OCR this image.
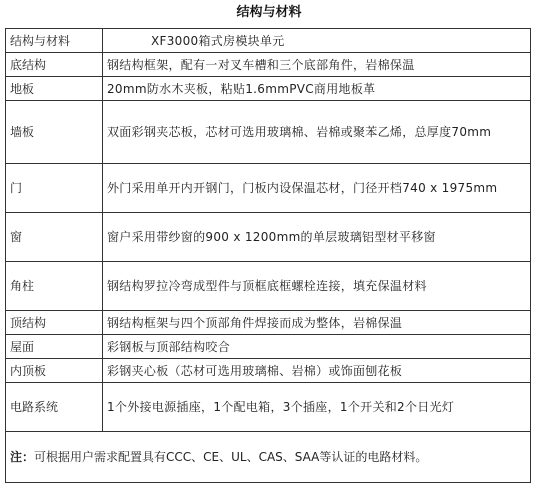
结构与材料
结构与材料	XF3000箱式房模块单元
底结构	钢结构框架，配有一对叉车槽和三个底部角件，岩棉保温
地板	20mm防水木夹板，粘贴1.6mmPVC商用地板革
墙板	双面彩钢夹芯板，芯材可选用玻璃棉、岩棉或聚苯乙烯，总厚度70mm
门	外门采用单开内开钢门，门板内设保温芯材，门径开档740 x 1975mm
窗	窗户采用带纱窗的900 x 1200mm的单层玻璃铝型材平移窗
角柱	钢结构罗拉冷弯成型件与顶框底框螺栓连接，填充保温材料
顶结构	钢结构框架与四个顶部角件焊接而成为整体，岩棉保温
屋面	彩钢板与顶部结构咬合
内顶板	彩钢夹心板（芯材可选用玻璃棉、岩棉）或饰面刨花板
电路系统	1个外接电源插座，1个配电箱，3个插座，1个开关和2个日光灯
注：可根据用户需求配置具有CCC、CE、UL、CAS、SAA等认证的电路材料。	
